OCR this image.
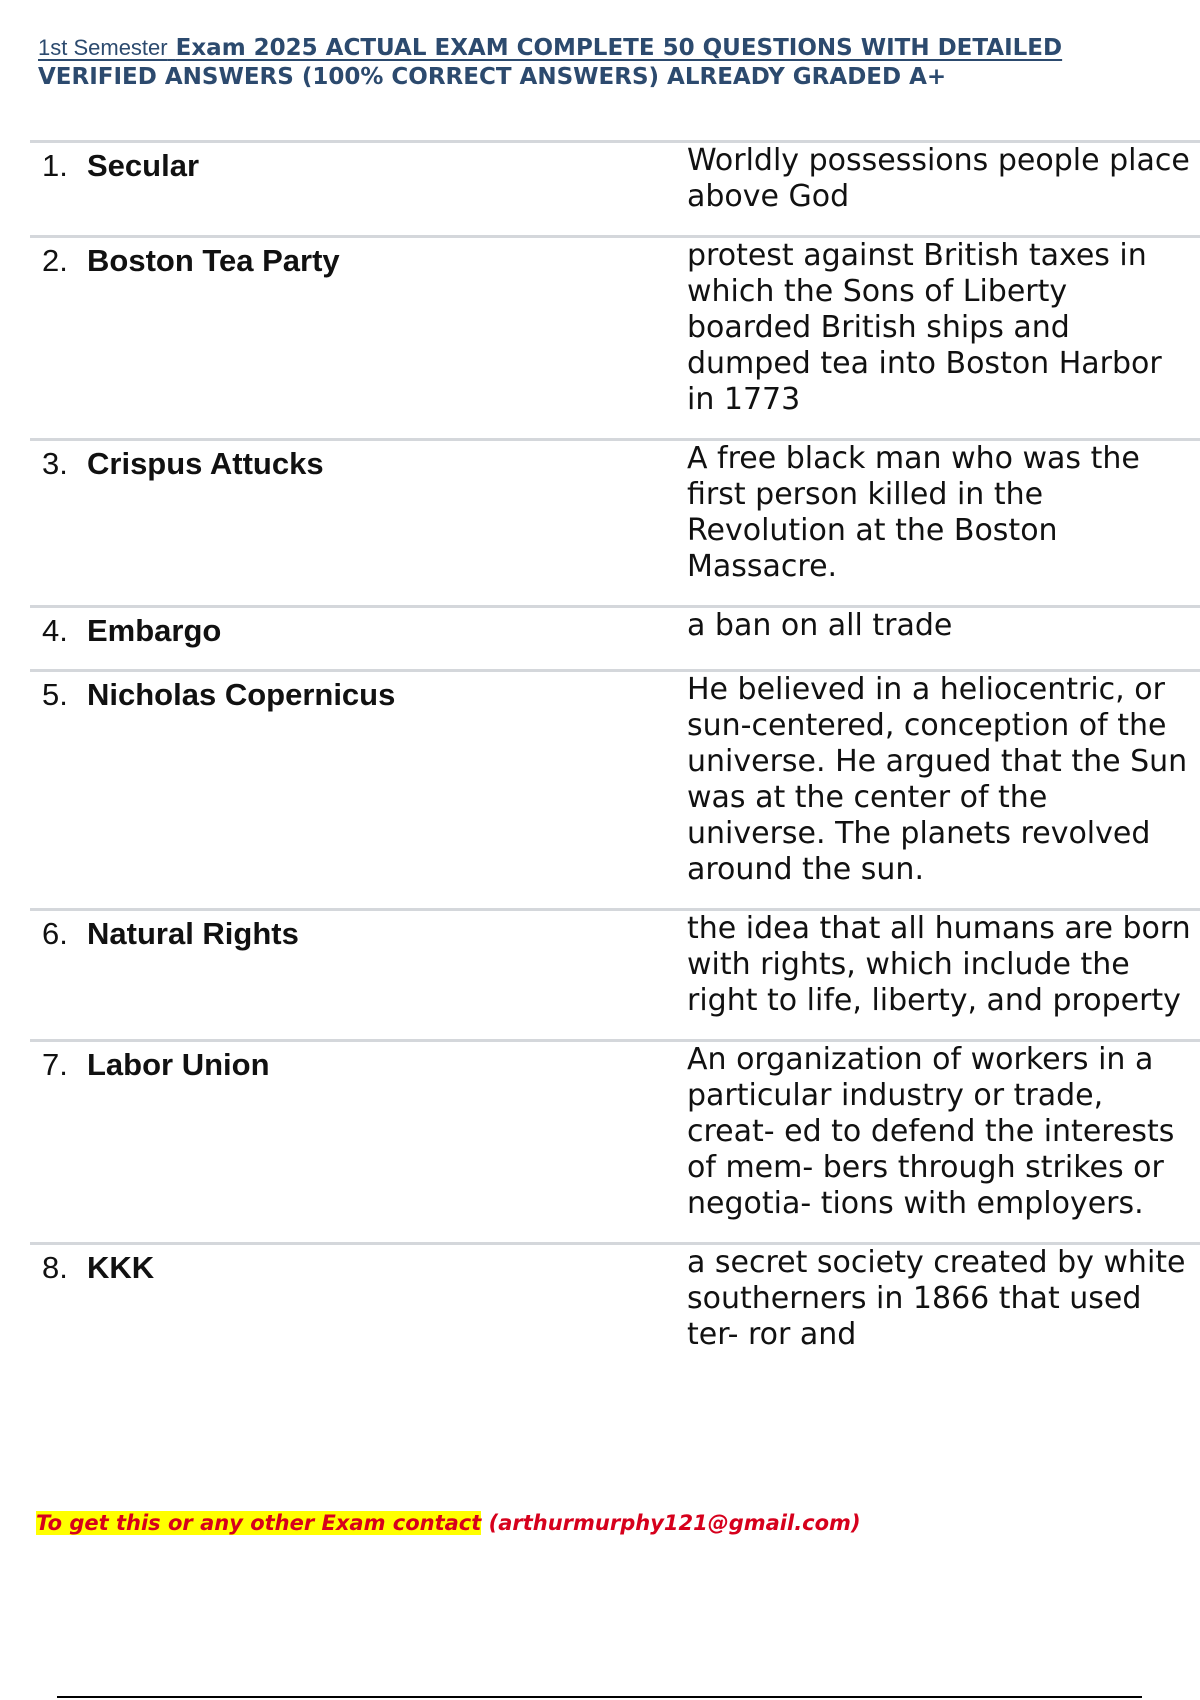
1st Semester Exam 2025 ACTUAL EXAM COMPLETE 50 QUESTIONS WITH DETAILED

VERIFIED ANSWERS (100% CORRECT ANSWERS) ALREADY GRADED A+

1.	Secular	Worldly possessions people place above God
2.	Boston Tea Party	protest against British taxes in which the Sons of Liberty boarded British ships and dumped tea into Boston Harbor in 1773
3.	Crispus Attucks	A free black man who was the first person killed in the Revolution at the Boston Massacre.
4.	Embargo	a ban on all trade
5.	Nicholas Copernicus	He believed in a heliocentric, or sun-centered, conception of the universe. He argued that the Sun was at the center of the universe. The planets revolved around the sun.
6.	Natural Rights	the idea that all humans are born with rights, which include the right to life, liberty, and property
7.	Labor Union	An organization of workers in a particular industry or trade, creat- ed to defend the interests of mem- bers through strikes or negotia- tions with employers.
8.	KKK	a secret society created by white southerners in 1866 that used ter- ror and

To get this or any other Exam contact (arthurmurphy121@gmail.com)
